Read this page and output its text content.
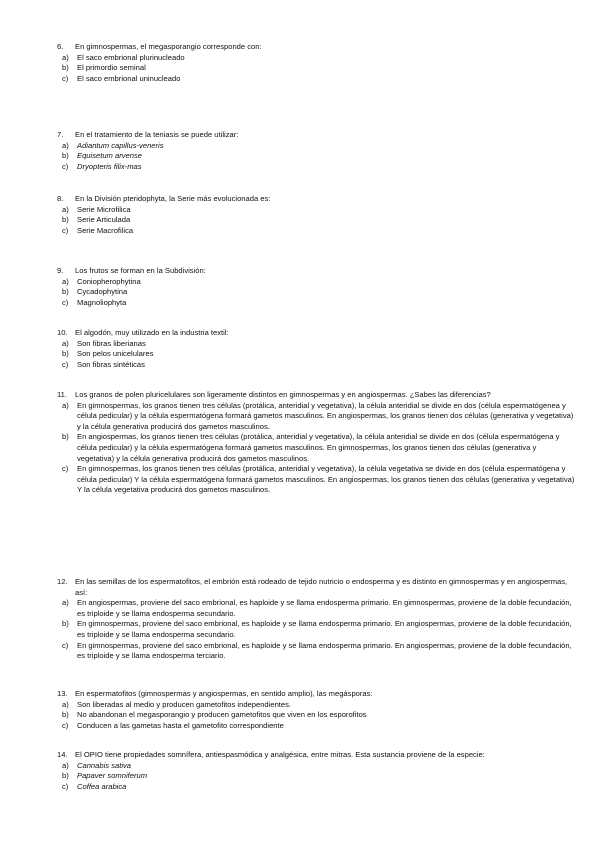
6.	En gimnospermas, el megasporangio corresponde con:
a)	El saco embrional plurinucleado
b)	El primordio seminal
c)	El saco embrional uninucleado
7.	En el tratamiento de la teniasis se puede utilizar:
a)	Adiantum capillus-veneris
b)	Equisetum arvense
c)	Dryopteris filix-mas
8.	En la División pteridophyta, la Serie más evolucionada es:
a)	Serie Microfilica
b)	Serie Articulada
c)	Serie Macrofilica
9.	Los frutos se forman en la Subdivisión:
a)	Coniopherophytina
b)	Cycadophytina
c)	Magnoliophyta
10. El algodón, muy utilizado en la industria textil:
a)	Son fibras liberianas
b)	Son pelos unicelulares
c)	Son fibras sintéticas
11.	Los granos de polen pluricelulares son ligeramente distintos en gimnospermas y en angiospermas. ¿Sabes las diferencias?
a)	En gimnospermas, los granos tienen tres células (protálica, anteridial y vegetativa), la célula anteridial se divide en dos (célula espermatógenea y célula pedicular) y la célula espermatógena formará gametos masculinos. En angiospermas, los granos tienen dos células (generativa y vegetativa) y la célula generativa producirá dos gametos masculinos.
b)	En angiospermas, los granos tienen tres células (protálica, anteridial y vegetativa), la célula anteridial se divide en dos (célula espermatógena y célula pedicular) y la célula espermatógena formará gametos masculinos. En gimnospermas, los granos tienen dos células (generativa y vegetativa) y la célula generativa producirá dos gametos masculinos.
c)	En gimnospermas, los granos tienen tres células (protálica, anteridial y vegetativa), la célula vegetativa se divide en dos (célula espermatógena y célula pedicular) Y la célula espermatógena formará gametos masculinos. En angiospermas, los granos tienen dos células (generativa y vegetativa) Y la célula vegetativa producirá dos gametos masculinos.
12. En las semillas de los espermatofitos, el embrión está rodeado de tejido nutricio o endosperma y es distinto en gimnospermas y en angiospermas, así:
a)	En angiospermas, proviene del saco embrional, es haploide y se llama endosperma primario. En gimnospermas, proviene de la doble fecundación, es triploide y se llama endosperma secundario.
b)	En gimnospermas, proviene del saco embrional, es haploide y se llama endosperma primario. En angiospermas, proviene de la doble fecundación, es triploide y se llama endosperma secundario.
c)	En gimnospermas, proviene del saco embrional, es haploide y se llama endosperma primario. En angiospermas, proviene de la doble fecundación, es triploide y se llama endosperma terciario.
13. En espermatofitos (gimnospermas y angiospermas, en sentido amplio), las megásporas:
a)	Son liberadas al medio y producen gametofitos independientes.
b)	No abandonan el megasporangio y producen gametofitos que viven en los esporofitos
c)	Conducen a las gametas hasta el gametofito correspondiente
14. El OPIO tiene propiedades somnífera, antiespasmódica y analgésica, entre mitras. Esta sustancia proviene de la especie:
a)	Cannabis sativa
b)	Papaver somniferum
c)	Coffea arabica
